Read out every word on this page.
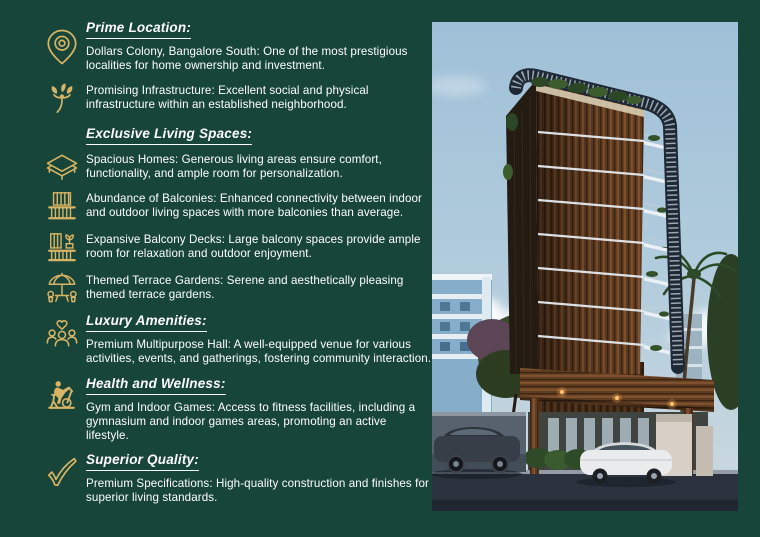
Prime Location:

Dollars Colony, Bangalore South: One of the most prestigious localities for home ownership and investment.

Promising Infrastructure: Excellent social and physical infrastructure within an established neighborhood.

Exclusive Living Spaces:

Spacious Homes: Generous living areas ensure comfort, functionality, and ample room for personalization.

Abundance of Balconies: Enhanced connectivity between indoor and outdoor living spaces with more balconies than average.

Expansive Balcony Decks: Large balcony spaces provide ample room for relaxation and outdoor enjoyment.

Themed Terrace Gardens: Serene and aesthetically pleasing themed terrace gardens.

Luxury Amenities:

Premium Multipurpose Hall: A well-equipped venue for various activities, events, and gatherings, fostering community interaction.

Health and Wellness:

Gym and Indoor Games: Access to fitness facilities, including a gymnasium and indoor games areas, promoting an active lifestyle.

Superior Quality:

Premium Specifications: High-quality construction and finishes for superior living standards.
